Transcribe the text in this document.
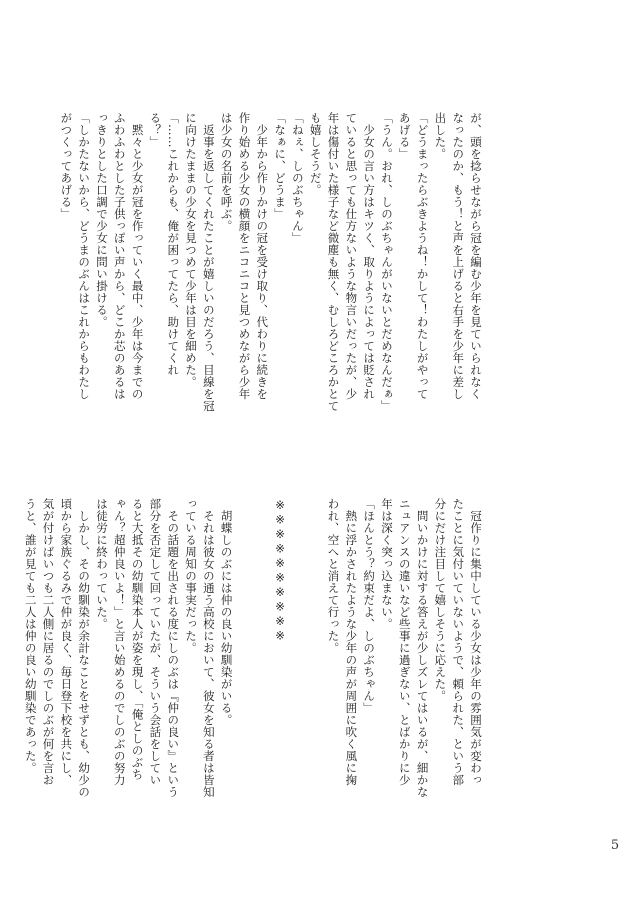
が、頭を捻らせながら冠を編む少年を見ていられなく
なったのか、もう！と声を上げると右手を少年に差し
出した。
「どうまったらぶきようね！かして！わたしがやって
あげる」
「うん。おれ、しのぶちゃんがいないとだめなんだぁ」
　少女の言い方はキツく、取りようによっては貶され
ていると思っても仕方ないような物言いだったが、少
年は傷付いた様子など微塵も無く、むしろどころかとて
も嬉しそうだ。
「ねぇ、しのぶちゃん」
「なぁに、どうま」
　少年から作りかけの冠を受け取り、代わりに続きを
作り始める少女の横顔をニコニコと見つめながら少年
は少女の名前を呼ぶ。
　返事を返してくれたことが嬉しいのだろう、目線を冠
に向けたままの少女を見つめて少年は目を細めた。
「……これからも、俺が困ってたら、助けてくれ
る？」
　黙々と少女が冠を作っていく最中、少年は今までの
ふわふわとした子供っぽい声から、どこか芯のあるは
っきりとした口調で少女に問い掛ける。
「しかたないから、どうまのぶんはこれからもわたし
がつくってあげる」
　冠作りに集中している少女は少年の雰囲気が変わっ
たことに気付いていないようで、頼られた、という部
分にだけ注目して嬉しそうに応えた。
　問いかけに対する答えが少しズレてはいるが、細かな
ニュアンスの違いなど些事に過ぎない、とばかりに少
年は深く突っ込まない。
「ほんとう？約束だよ、しのぶちゃん」
　熱に浮かされたような少年の声が周囲に吹く風に掬
われ、空へと消えて行った。

※※※※※※※※※※

　胡蝶しのぶには仲の良い幼馴染がいる。
　それは彼女の通う高校において、彼女を知る者は皆知
っている周知の事実だった。
　その話題を出される度にしのぶは『仲の良い』という
部分を否定して回っていたが、そういう会話をしてい
ると大抵その幼馴染本人が姿を現し、「俺としのぶち
ゃん？超仲良いよ！」と言い始めるのでしのぶの努力
は徒労に終わっていた。
　しかし、その幼馴染が余計なことをせずとも、幼少の
頃から家族ぐるみで仲が良く、毎日登下校を共にし、
気が付けばいつも二人側に居るのでしのぶが何を言お
うと、誰が見ても二人は仲の良い幼馴染であった。
5
